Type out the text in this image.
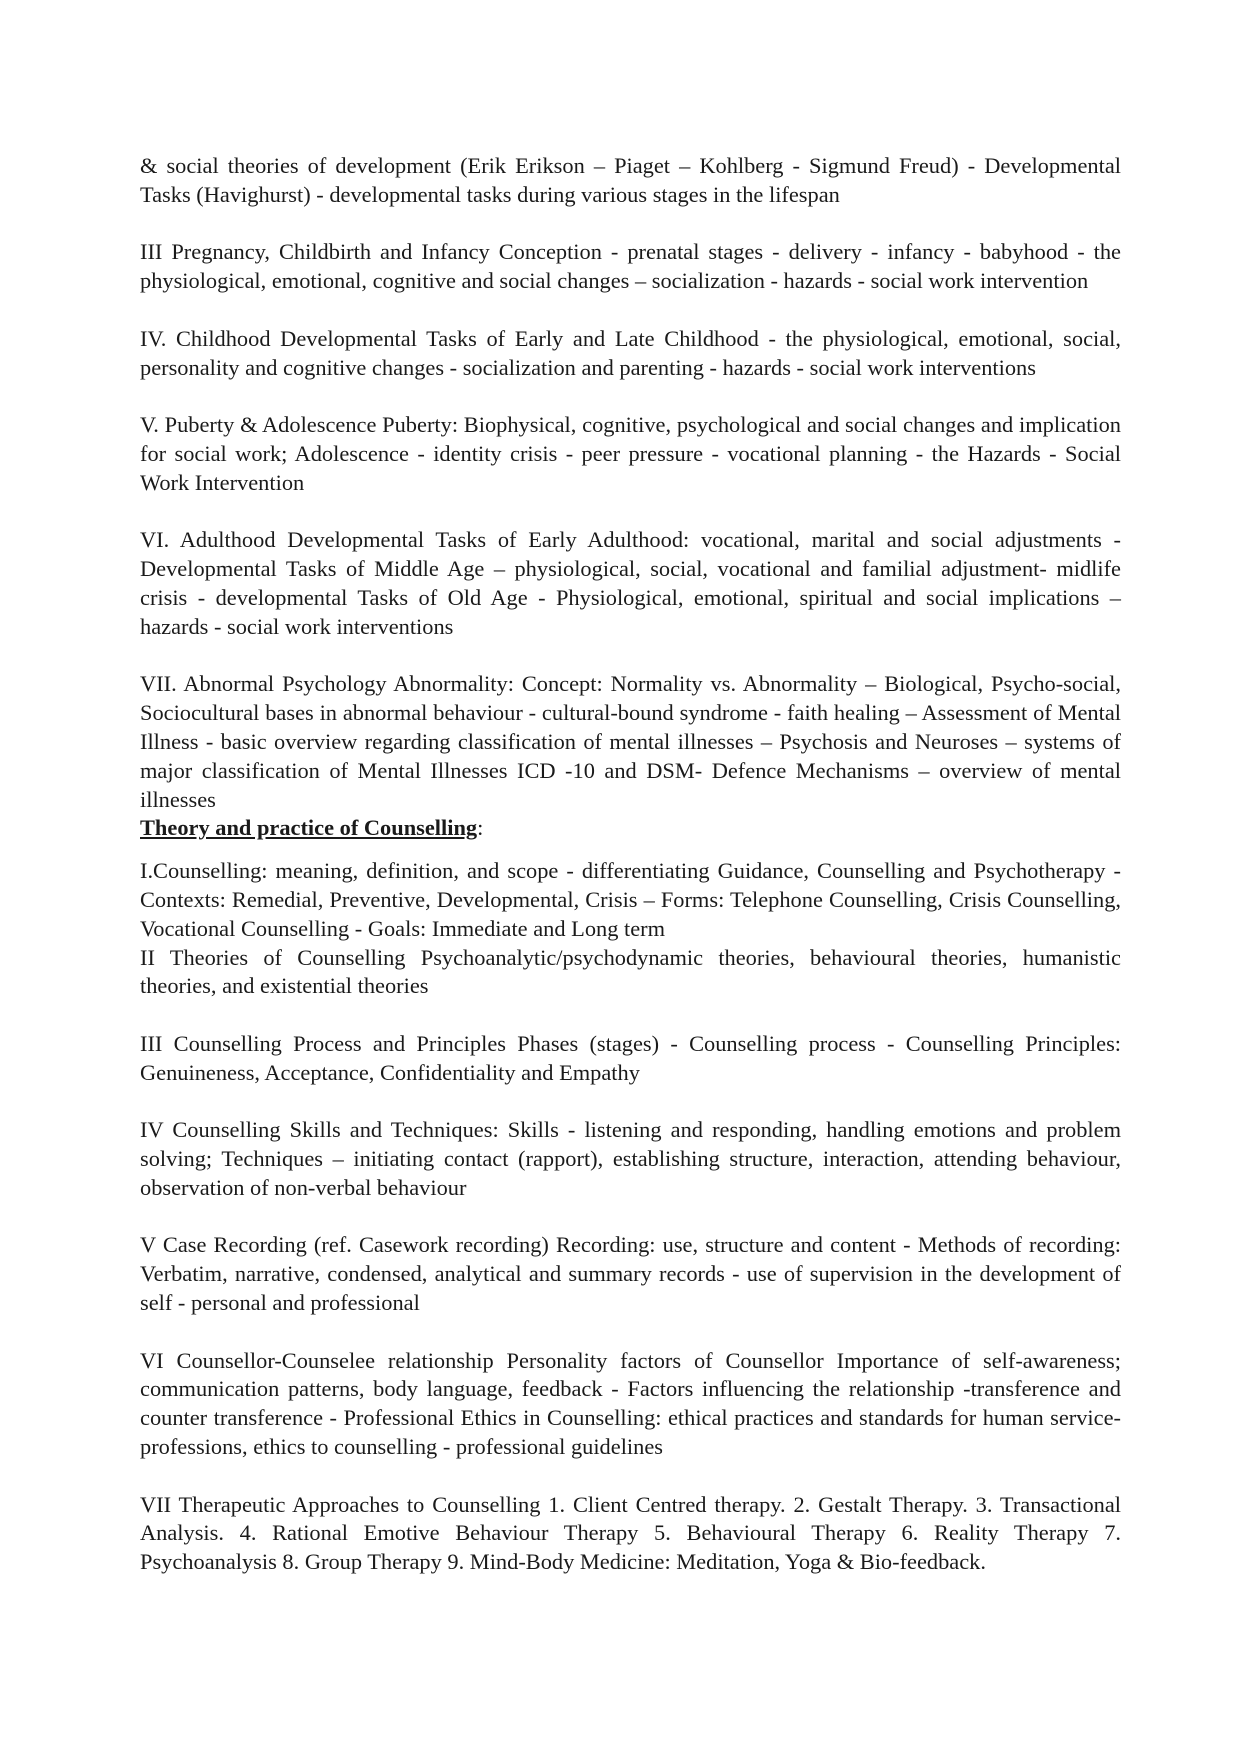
& social theories of development (Erik Erikson – Piaget – Kohlberg - Sigmund Freud) - Developmental Tasks (Havighurst) - developmental tasks during various stages in the lifespan

III Pregnancy, Childbirth and Infancy Conception - prenatal stages - delivery - infancy - babyhood - the physiological, emotional, cognitive and social changes – socialization - hazards - social work intervention

IV. Childhood Developmental Tasks of Early and Late Childhood - the physiological, emotional, social, personality and cognitive changes - socialization and parenting - hazards - social work interventions

V. Puberty & Adolescence Puberty: Biophysical, cognitive, psychological and social changes and implication for social work; Adolescence - identity crisis - peer pressure - vocational planning - the Hazards - Social Work Intervention

VI. Adulthood Developmental Tasks of Early Adulthood: vocational, marital and social adjustments - Developmental Tasks of Middle Age – physiological, social, vocational and familial adjustment- midlife crisis - developmental Tasks of Old Age - Physiological, emotional, spiritual and social implications – hazards - social work interventions

VII. Abnormal Psychology Abnormality: Concept: Normality vs. Abnormality – Biological, Psycho-social, Sociocultural bases in abnormal behaviour - cultural-bound syndrome - faith healing – Assessment of Mental Illness - basic overview regarding classification of mental illnesses – Psychosis and Neuroses – systems of major classification of Mental Illnesses ICD -10 and DSM- Defence Mechanisms – overview of mental illnesses

Theory and practice of Counselling:

I.Counselling: meaning, definition, and scope - differentiating Guidance, Counselling and Psychotherapy - Contexts: Remedial, Preventive, Developmental, Crisis – Forms: Telephone Counselling, Crisis Counselling, Vocational Counselling - Goals: Immediate and Long term

II Theories of Counselling Psychoanalytic/psychodynamic theories, behavioural theories, humanistic theories, and existential theories

III Counselling Process and Principles Phases (stages) - Counselling process - Counselling Principles: Genuineness, Acceptance, Confidentiality and Empathy

IV Counselling Skills and Techniques: Skills - listening and responding, handling emotions and problem solving; Techniques – initiating contact (rapport), establishing structure, interaction, attending behaviour, observation of non-verbal behaviour

V Case Recording (ref. Casework recording) Recording: use, structure and content - Methods of recording: Verbatim, narrative, condensed, analytical and summary records - use of supervision in the development of self - personal and professional

VI Counsellor-Counselee relationship Personality factors of Counsellor Importance of self-awareness; communication patterns, body language, feedback - Factors influencing the relationship -transference and counter transference - Professional Ethics in Counselling: ethical practices and standards for human service-professions, ethics to counselling - professional guidelines

VII Therapeutic Approaches to Counselling 1. Client Centred therapy. 2. Gestalt Therapy. 3. Transactional Analysis. 4. Rational Emotive Behaviour Therapy 5. Behavioural Therapy 6. Reality Therapy 7. Psychoanalysis 8. Group Therapy 9. Mind-Body Medicine: Meditation, Yoga & Bio-feedback.
